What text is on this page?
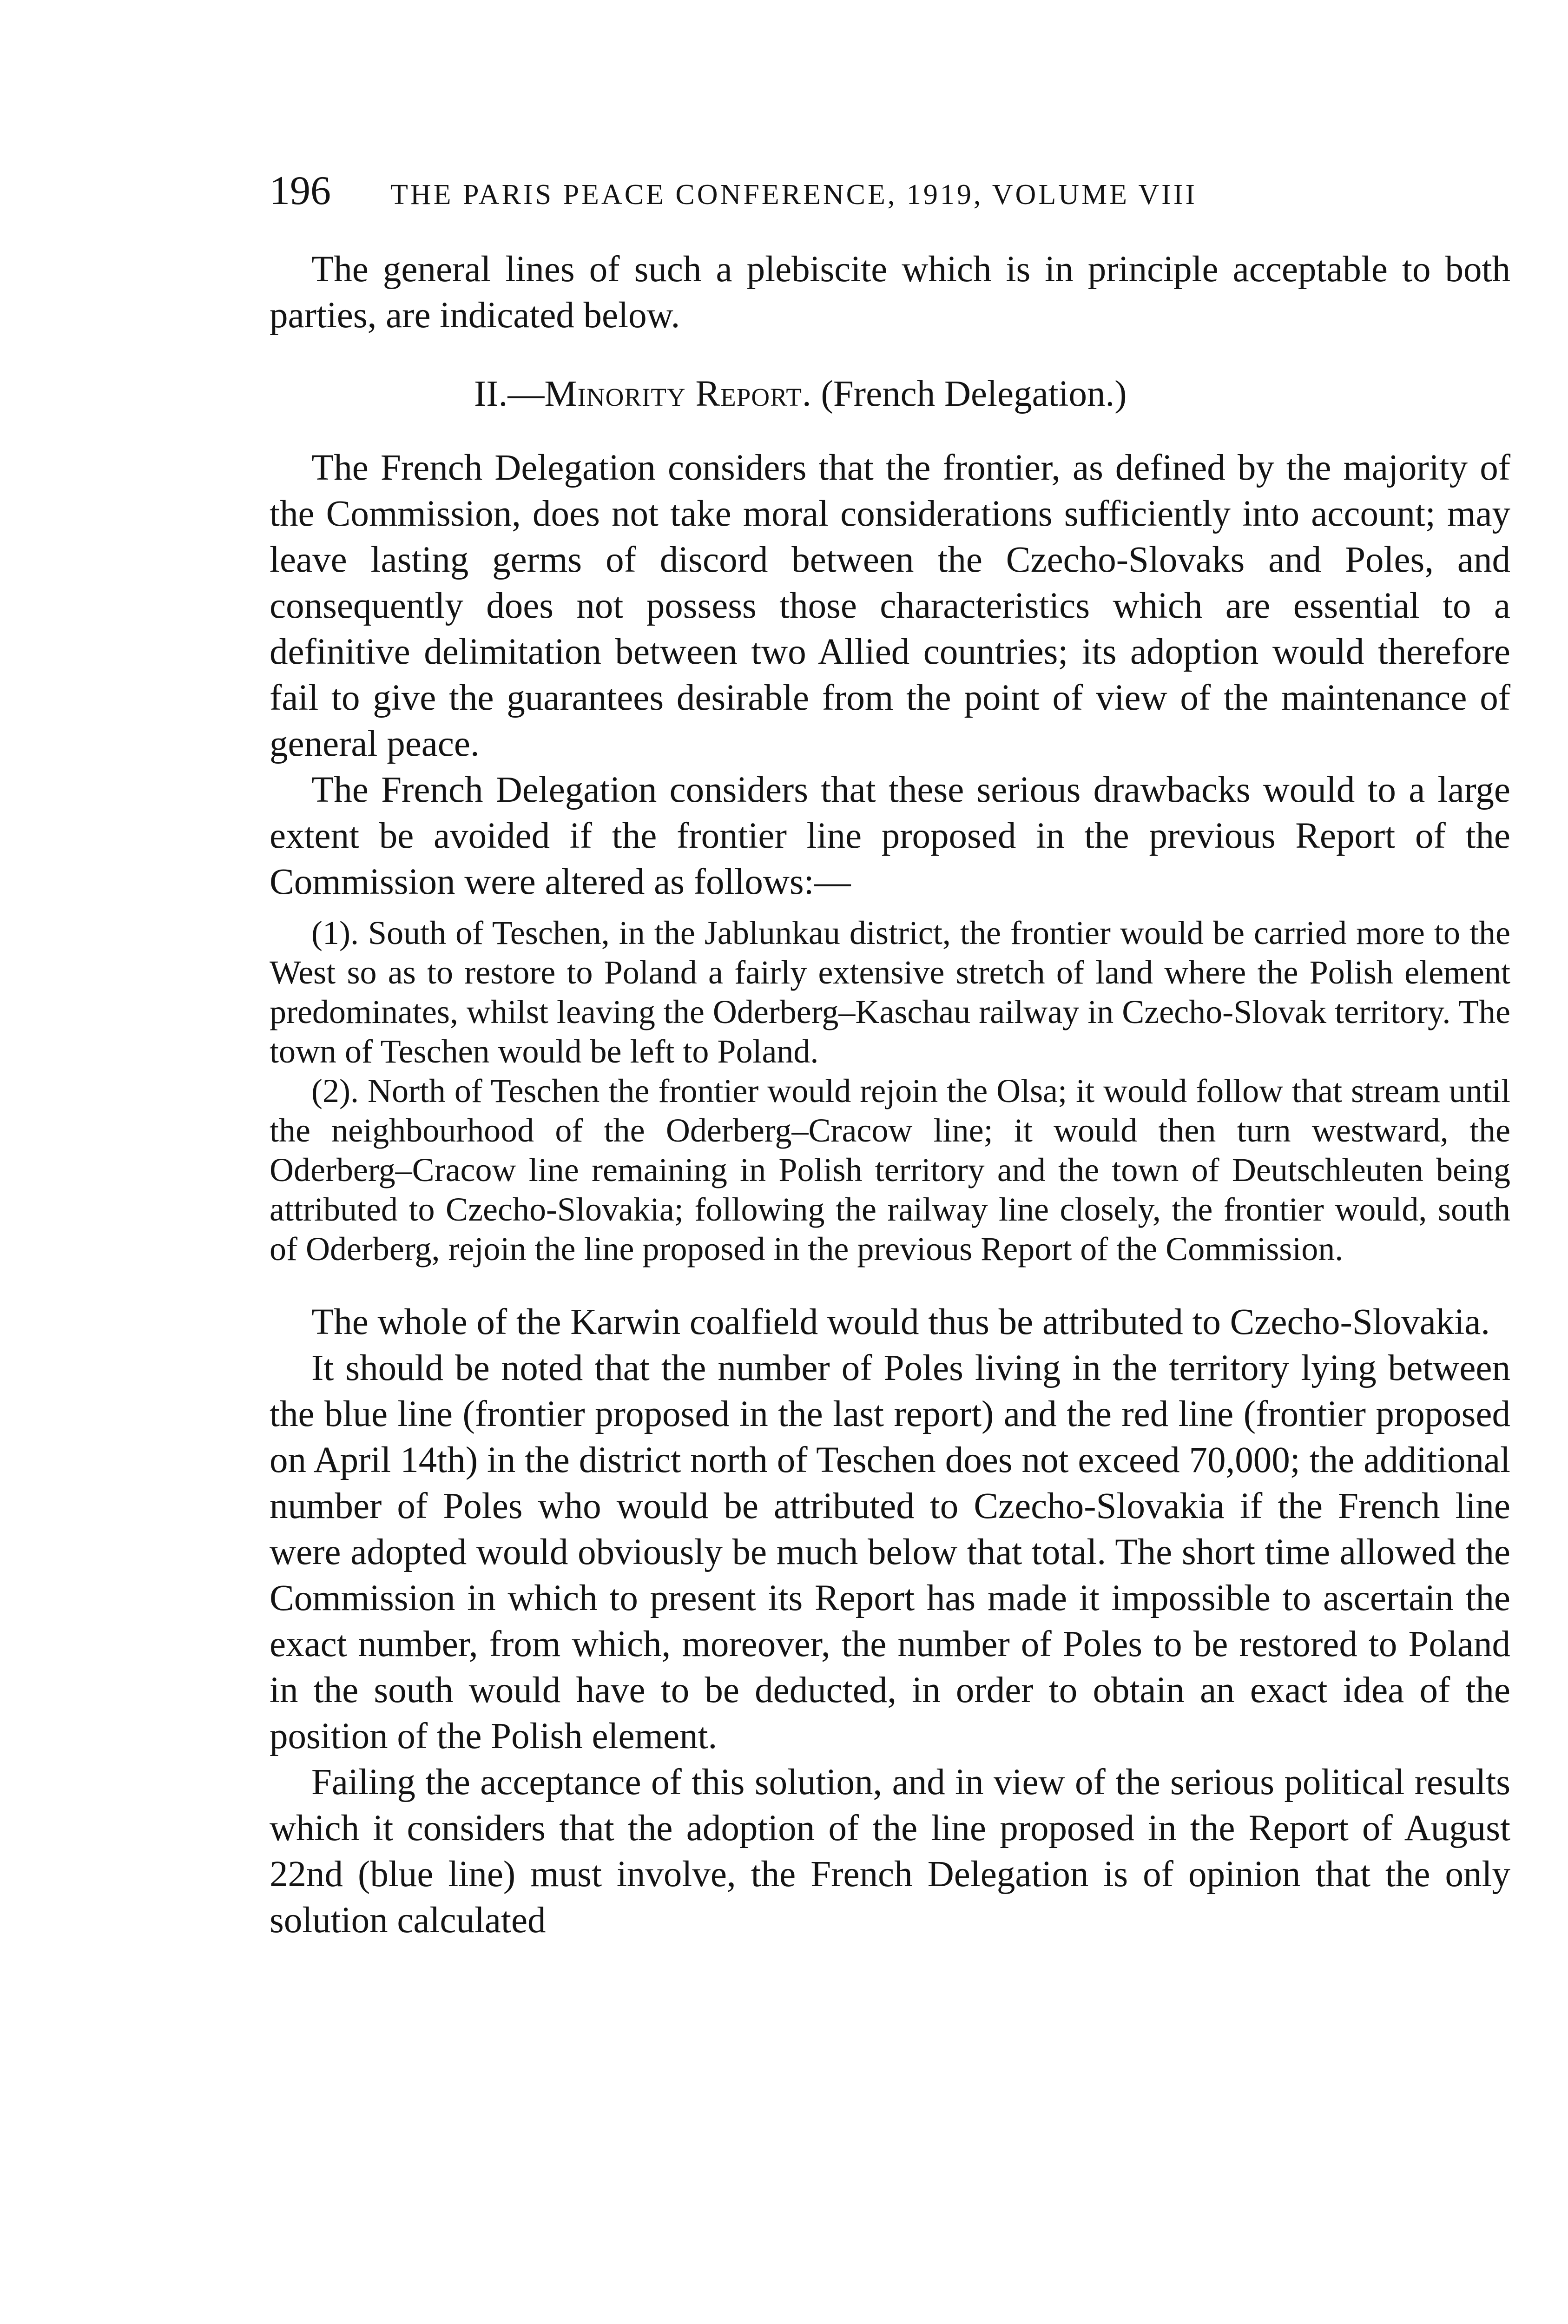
196	THE PARIS PEACE CONFERENCE, 1919, VOLUME VIII

The general lines of such a plebiscite which is in principle acceptable to both parties, are indicated below.

II.—Minority Report. (French Delegation.)

The French Delegation considers that the frontier, as defined by the majority of the Commission, does not take moral considerations sufficiently into account; may leave lasting germs of discord between the Czecho-Slovaks and Poles, and consequently does not possess those characteristics which are essential to a definitive delimitation between two Allied countries; its adoption would therefore fail to give the guarantees desirable from the point of view of the maintenance of general peace.

The French Delegation considers that these serious drawbacks would to a large extent be avoided if the frontier line proposed in the previous Report of the Commission were altered as follows:—

(1). South of Teschen, in the Jablunkau district, the frontier would be carried more to the West so as to restore to Poland a fairly extensive stretch of land where the Polish element predominates, whilst leaving the Oderberg–Kaschau railway in Czecho-Slovak territory. The town of Teschen would be left to Poland.

(2). North of Teschen the frontier would rejoin the Olsa; it would follow that stream until the neighbourhood of the Oderberg–Cracow line; it would then turn westward, the Oderberg–Cracow line remaining in Polish territory and the town of Deutschleuten being attributed to Czecho-Slovakia; following the railway line closely, the frontier would, south of Oderberg, rejoin the line proposed in the previous Report of the Commission.

The whole of the Karwin coalfield would thus be attributed to Czecho-Slovakia.

It should be noted that the number of Poles living in the territory lying between the blue line (frontier proposed in the last report) and the red line (frontier proposed on April 14th) in the district north of Teschen does not exceed 70,000; the additional number of Poles who would be attributed to Czecho-Slovakia if the French line were adopted would obviously be much below that total. The short time allowed the Commission in which to present its Report has made it impossible to ascertain the exact number, from which, moreover, the number of Poles to be restored to Poland in the south would have to be deducted, in order to obtain an exact idea of the position of the Polish element.

Failing the acceptance of this solution, and in view of the serious political results which it considers that the adoption of the line proposed in the Report of August 22nd (blue line) must involve, the French Delegation is of opinion that the only solution calculated
